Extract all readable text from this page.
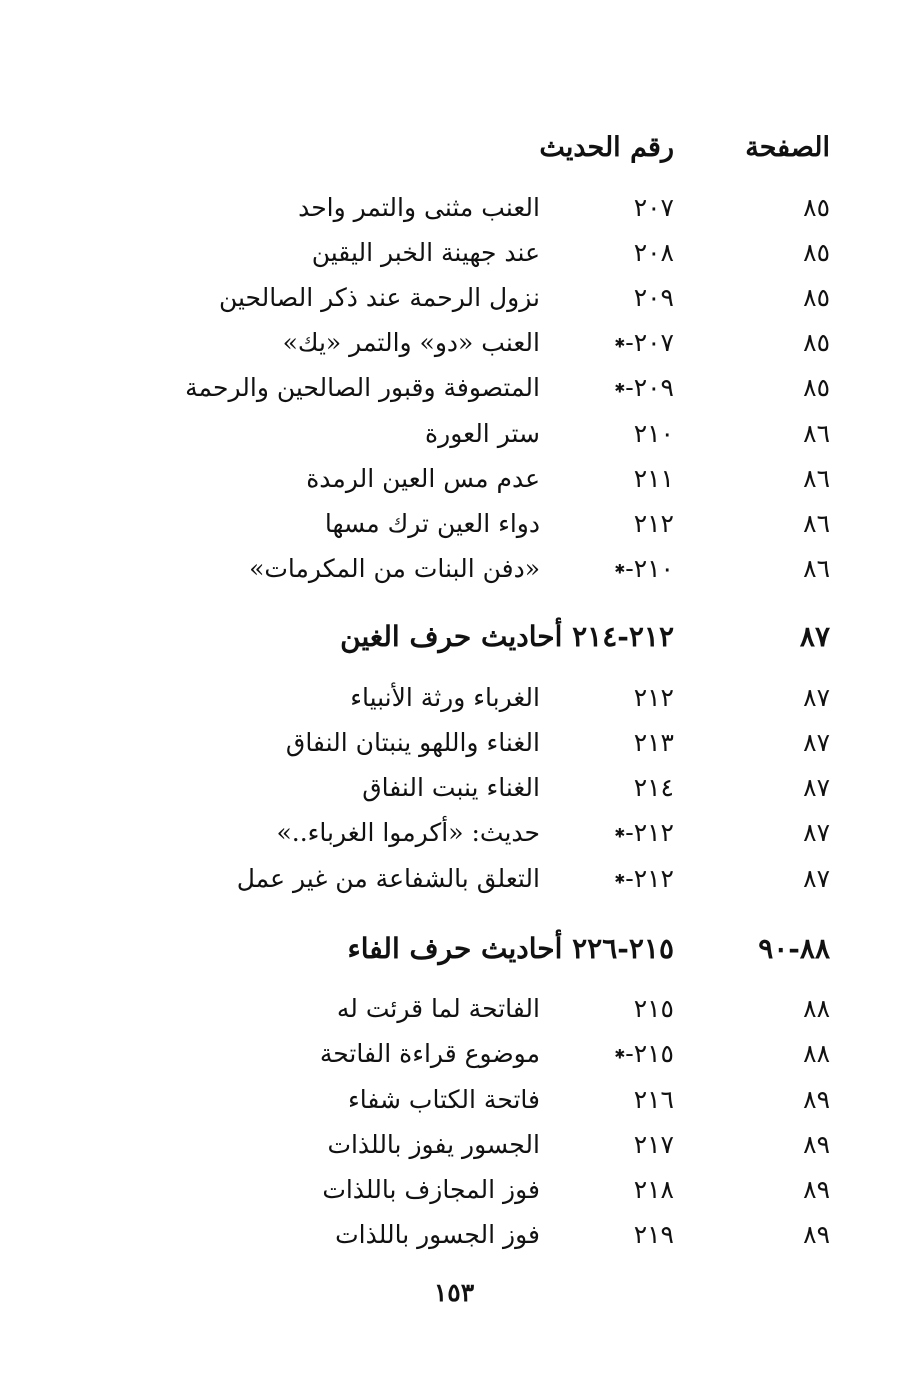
الصفحة
رقم الحديث
٨٥
٢٠٧
العنب مثنى والتمر واحد
٨٥
٢٠٨
عند جهينة الخبر اليقين
٨٥
٢٠٩
نزول الرحمة عند ذكر الصالحين
٨٥
٢٠٧-✱
العنب «دو» والتمر «يك»
٨٥
٢٠٩-✱
المتصوفة وقبور الصالحين والرحمة
٨٦
٢١٠
ستر العورة
٨٦
٢١١
عدم مس العين الرمدة
٨٦
٢١٢
دواء العين ترك مسها
٨٦
٢١٠-✱
«دفن البنات من المكرمات»
٨٧
٢١٢-٢١٤ أحاديث حرف الغين
٨٧
٢١٢
الغرباء ورثة الأنبياء
٨٧
٢١٣
الغناء واللهو ينبتان النفاق
٨٧
٢١٤
الغناء ينبت النفاق
٨٧
٢١٢-✱
حديث: «أكرموا الغرباء..»
٨٧
٢١٢-✱
التعلق بالشفاعة من غير عمل
٨٨-٩٠
٢١٥-٢٢٦ أحاديث حرف الفاء
٨٨
٢١٥
الفاتحة لما قرئت له
٨٨
٢١٥-✱
موضوع قراءة الفاتحة
٨٩
٢١٦
فاتحة الكتاب شفاء
٨٩
٢١٧
الجسور يفوز باللذات
٨٩
٢١٨
فوز المجازف باللذات
٨٩
٢١٩
فوز الجسور باللذات
١٥٣
